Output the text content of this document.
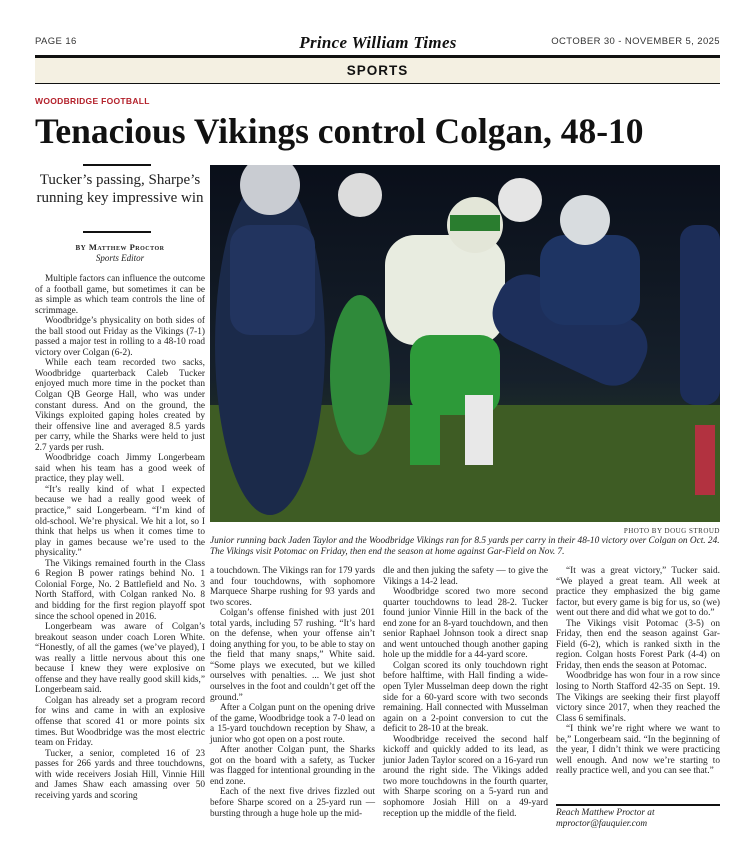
PAGE 16	Prince William Times	OCTOBER 30 - NOVEMBER 5, 2025
SPORTS
WOODBRIDGE FOOTBALL
Tenacious Vikings control Colgan, 48-10
Tucker’s passing, Sharpe’s running key impressive win
BY Matthew Proctor
Sports Editor

Multiple factors can influence the outcome of a football game, but sometimes it can be as simple as which team controls the line of scrimmage.

Woodbridge’s physicality on both sides of the ball stood out Friday as the Vikings (7-1) passed a major test in rolling to a 48-10 road victory over Colgan (6-2).

While each team recorded two sacks, Woodbridge quarterback Caleb Tucker enjoyed much more time in the pocket than Colgan QB George Hall, who was under constant duress. And on the ground, the Vikings exploited gaping holes created by their offensive line and averaged 8.5 yards per carry, while the Sharks were held to just 2.7 yards per rush.

Woodbridge coach Jimmy Longerbeam said when his team has a good week of practice, they play well.

“It’s really kind of what I expected because we had a really good week of practice,” said Longerbeam. “I’m kind of old-school. We’re physical. We hit a lot, so I think that helps us when it comes time to play in games because we’re used to the physicality.”

The Vikings remained fourth in the Class 6 Region B power ratings behind No. 1 Colonial Forge, No. 2 Battlefield and No. 3 North Stafford, with Colgan ranked No. 8 and bidding for the first region playoff spot since the school opened in 2016.

Longerbeam was aware of Colgan’s breakout season under coach Loren White. “Honestly, of all the games (we’ve played), I was really a little nervous about this one because I knew they were explosive on offense and they have really good skill kids,” Longerbeam said.

Colgan has already set a program record for wins and came in with an explosive offense that scored 41 or more points six times. But Woodbridge was the most electric team on Friday.

Tucker, a senior, completed 16 of 23 passes for 266 yards and three touchdowns, with wide receivers Josiah Hill, Vinnie Hill and James Shaw each amassing over 50 receiving yards and scoring

PHOTO BY DOUG STROUD
Junior running back Jaden Taylor and the Woodbridge Vikings ran for 8.5 yards per carry in their 48-10 victory over Colgan on Oct. 24. The Vikings visit Potomac on Friday, then end the season at home against Gar-Field on Nov. 7.

a touchdown. The Vikings ran for 179 yards and four touchdowns, with sophomore Marquece Sharpe rushing for 93 yards and two scores.

Colgan’s offense finished with just 201 total yards, including 57 rushing. “It’s hard on the defense, when your offense ain’t doing anything for you, to be able to stay on the field that many snaps,” White said. “Some plays we executed, but we killed ourselves with penalties. ... We just shot ourselves in the foot and couldn’t get off the ground.”

After a Colgan punt on the opening drive of the game, Woodbridge took a 7-0 lead on a 15-yard touchdown reception by Shaw, a junior who got open on a post route.

After another Colgan punt, the Sharks got on the board with a safety, as Tucker was flagged for intentional grounding in the end zone.

Each of the next five drives fizzled out before Sharpe scored on a 25-yard run — bursting through a huge hole up the mid-

dle and then juking the safety — to give the Vikings a 14-2 lead.

Woodbridge scored two more second quarter touchdowns to lead 28-2. Tucker found junior Vinnie Hill in the back of the end zone for an 8-yard touchdown, and then senior Raphael Johnson took a direct snap and went untouched though another gaping hole up the middle for a 44-yard score.

Colgan scored its only touchdown right before halftime, with Hall finding a wide-open Tyler Musselman deep down the right side for a 60-yard score with two seconds remaining. Hall connected with Musselman again on a 2-point conversion to cut the deficit to 28-10 at the break.

Woodbridge received the second half kickoff and quickly added to its lead, as junior Jaden Taylor scored on a 16-yard run around the right side. The Vikings added two more touchdowns in the fourth quarter, with Sharpe scoring on a 5-yard run and sophomore Josiah Hill on a 49-yard reception up the middle of the field.

“It was a great victory,” Tucker said. “We played a great team. All week at practice they emphasized the big game factor, but every game is big for us, so (we) went out there and did what we got to do.”

The Vikings visit Potomac (3-5) on Friday, then end the season against Gar-Field (6-2), which is ranked sixth in the region. Colgan hosts Forest Park (4-4) on Friday, then ends the season at Potomac.

Woodbridge has won four in a row since losing to North Stafford 42-35 on Sept. 19. The Vikings are seeking their first playoff victory since 2017, when they reached the Class 6 semifinals.

“I think we’re right where we want to be,” Longerbeam said. “In the beginning of the year, I didn’t think we were practicing well enough. And now we’re starting to really practice well, and you can see that.”

Reach Matthew Proctor at
mproctor@fauquier.com
